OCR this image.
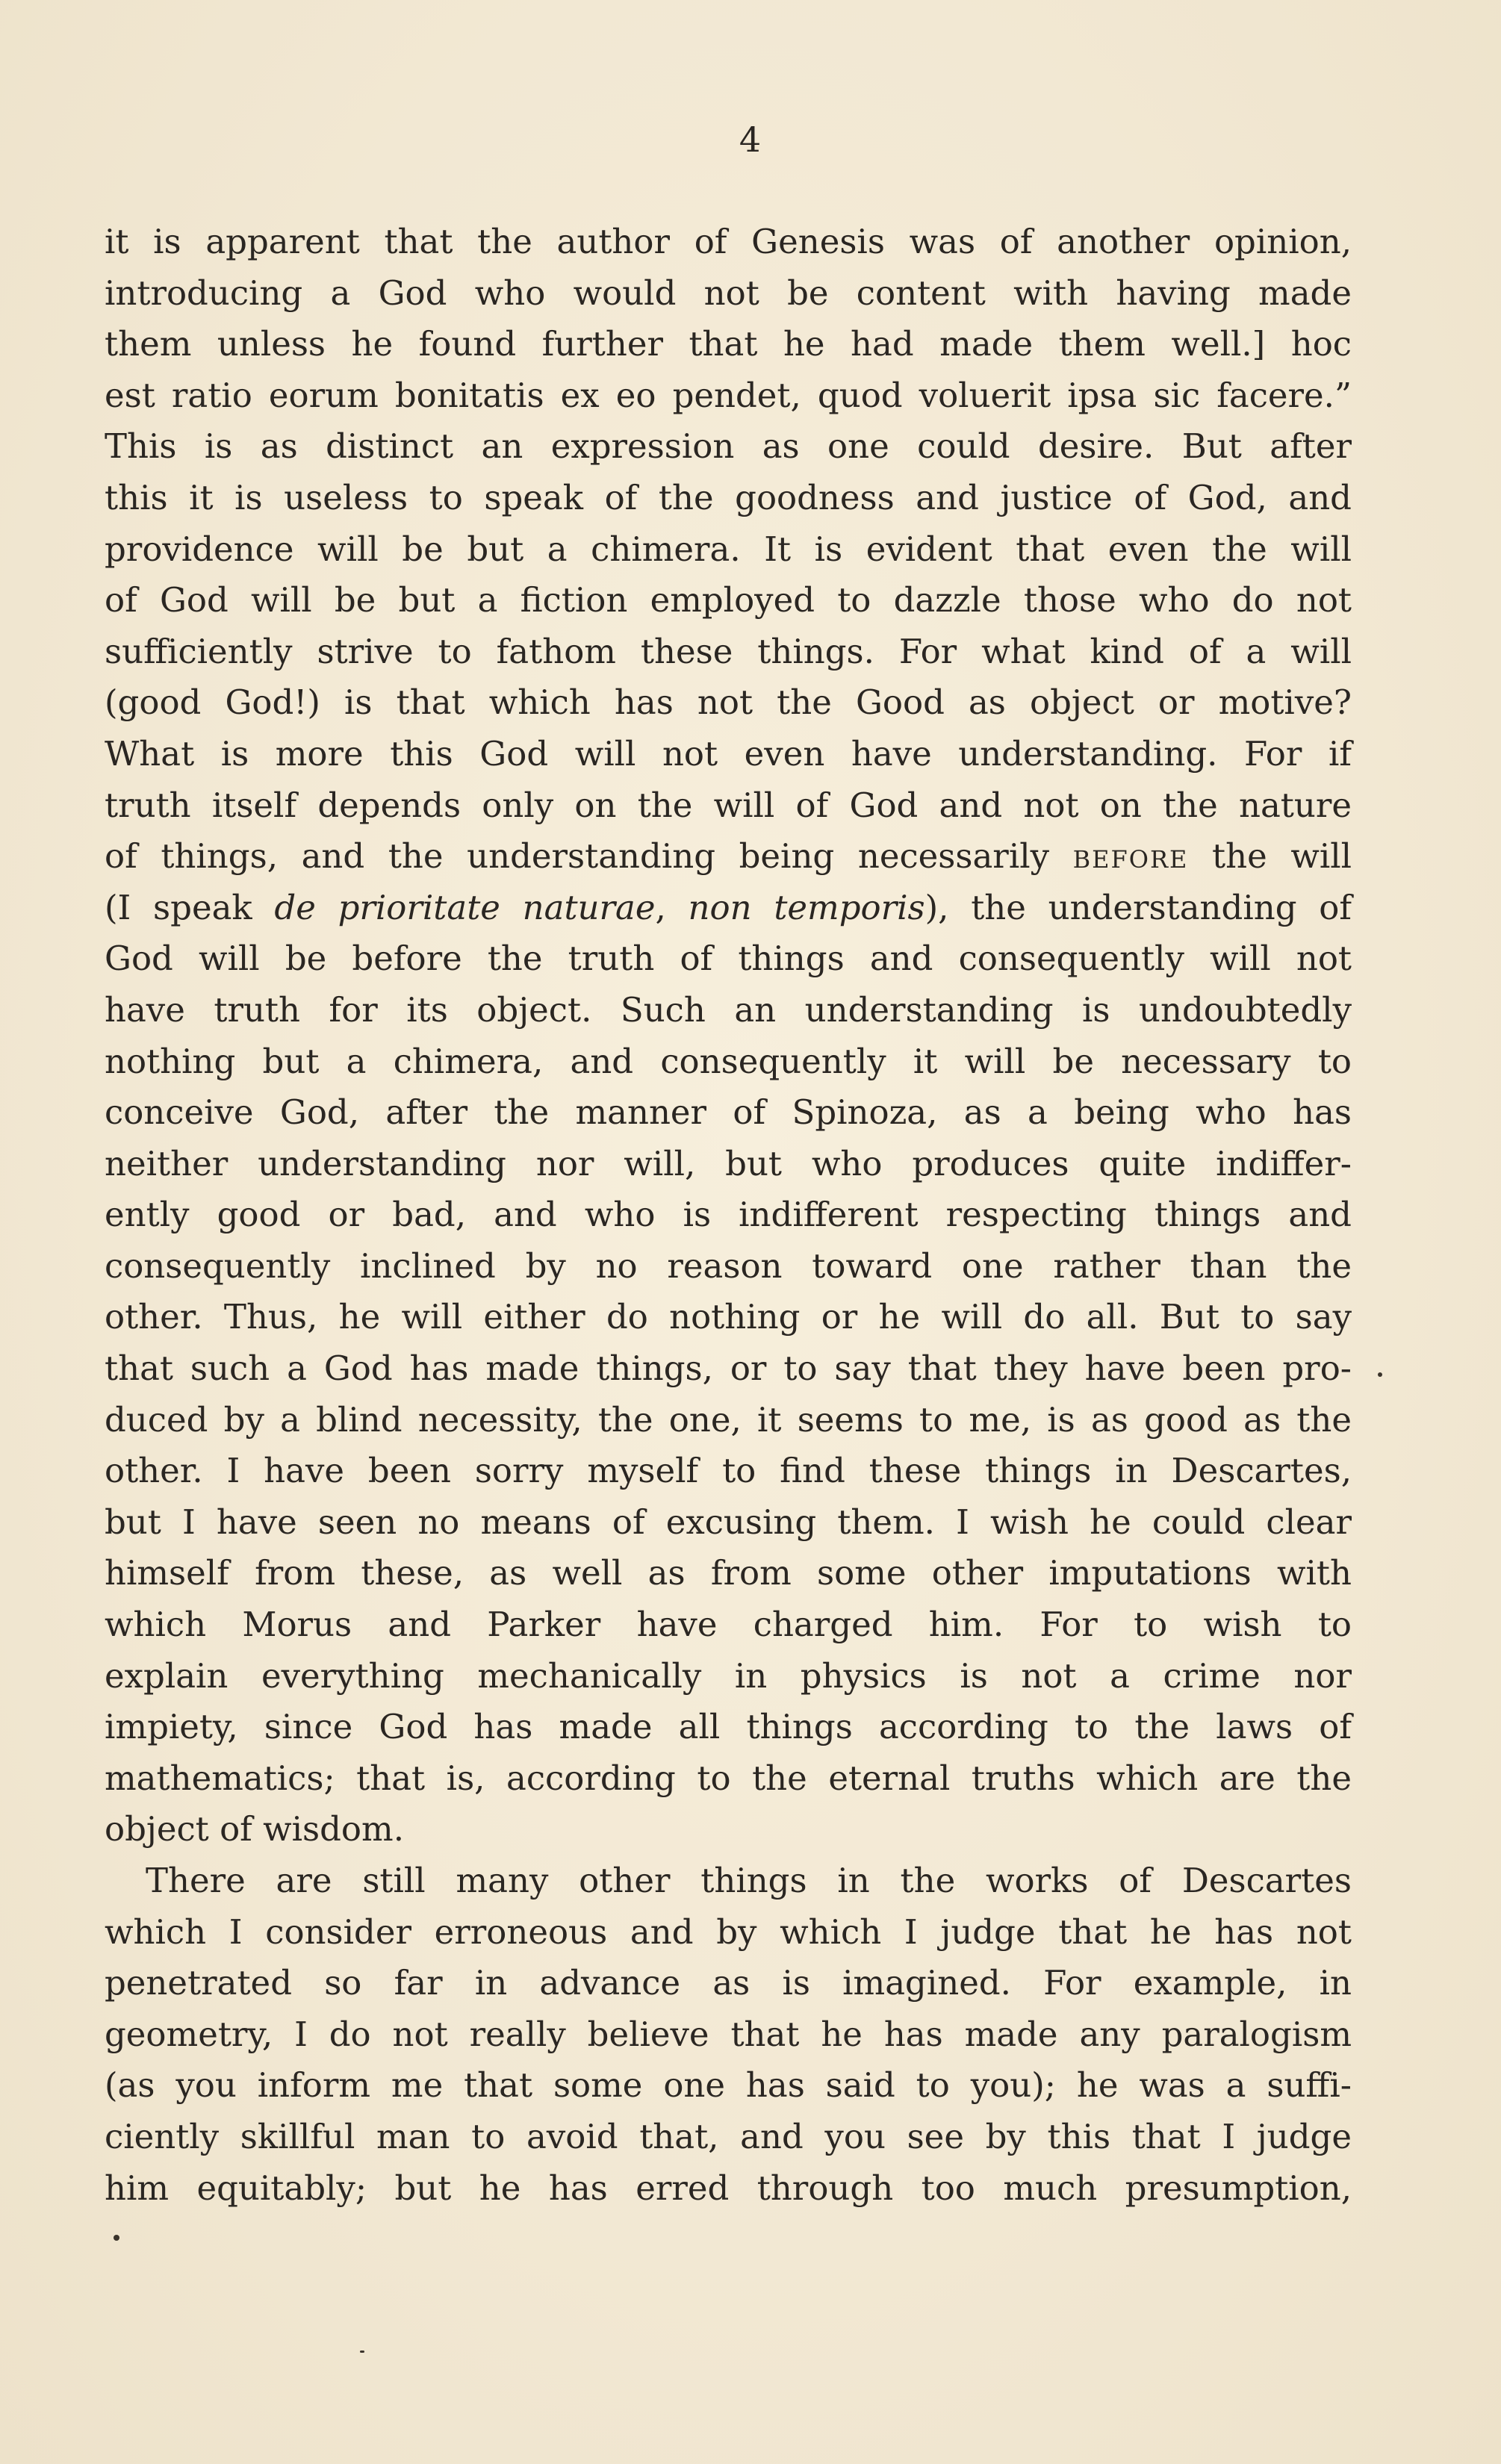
4
it is apparent that the author of Genesis was of another opinion,
introducing a God who would not be content with having made
them unless he found further that he had made them well.] hoc
est ratio eorum bonitatis ex eo pendet, quod voluerit ipsa sic facere.”
This is as distinct an expression as one could desire. But after
this it is useless to speak of the goodness and justice of God, and
providence will be but a chimera. It is evident that even the will
of God will be but a fiction employed to dazzle those who do not
sufficiently strive to fathom these things. For what kind of a will
(good God!) is that which has not the Good as object or motive?
What is more this God will not even have understanding. For if
truth itself depends only on the will of God and not on the nature
of things, and the understanding being necessarily before the will
(I speak de prioritate naturae, non temporis), the understanding of
God will be before the truth of things and consequently will not
have truth for its object. Such an understanding is undoubtedly
nothing but a chimera, and consequently it will be necessary to
conceive God, after the manner of Spinoza, as a being who has
neither understanding nor will, but who produces quite indiffer-
ently good or bad, and who is indifferent respecting things and
consequently inclined by no reason toward one rather than the
other. Thus, he will either do nothing or he will do all. But to say
that such a God has made things, or to say that they have been pro-
duced by a blind necessity, the one, it seems to me, is as good as the
other. I have been sorry myself to find these things in Descartes,
but I have seen no means of excusing them. I wish he could clear
himself from these, as well as from some other imputations with
which Morus and Parker have charged him. For to wish to
explain everything mechanically in physics is not a crime nor
impiety, since God has made all things according to the laws of
mathematics; that is, according to the eternal truths which are the
object of wisdom.
There are still many other things in the works of Descartes
which I consider erroneous and by which I judge that he has not
penetrated so far in advance as is imagined. For example, in
geometry, I do not really believe that he has made any paralogism
(as you inform me that some one has said to you); he was a suffi-
ciently skillful man to avoid that, and you see by this that I judge
him equitably; but he has erred through too much presumption,
